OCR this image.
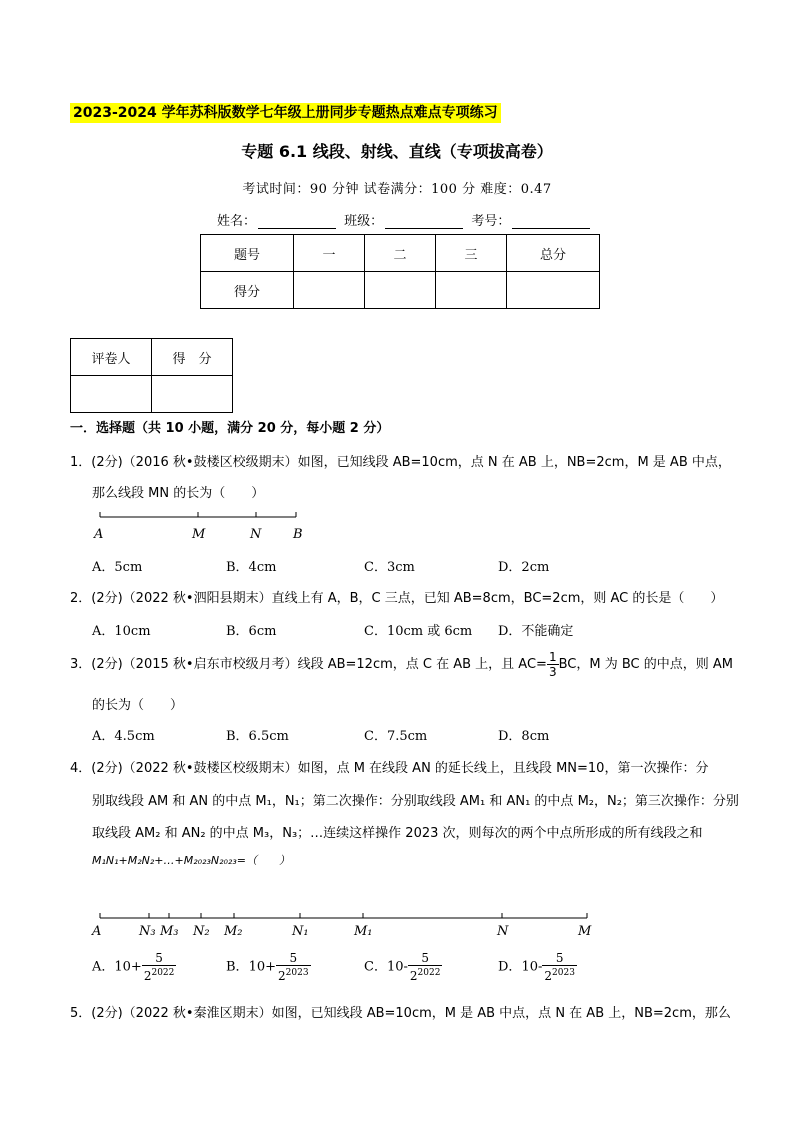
2023-2024 学年苏科版数学七年级上册同步专题热点难点专项练习
专题 6.1 线段、射线、直线（专项拔高卷）
考试时间：90 分钟 试卷满分：100 分 难度：0.47
姓名：	班级：	考号：
题号	一	二	三	总分
得分				
评卷人	得　分

一．选择题（共 10 小题，满分 20 分，每小题 2 分）
1．(2分)（2016 秋•鼓楼区校级期末）如图，已知线段 AB=10cm，点 N 在 AB 上，NB=2cm，M 是 AB 中点，
那么线段 MN 的长为（　　）
A	M	N B
A．5cm	B．4cm	C．3cm	D．2cm
2．(2分)（2022 秋•泗阳县期末）直线上有 A，B，C 三点，已知 AB=8cm，BC=2cm，则 AC 的长是（　　）
A．10cm	B．6cm	C．10cm 或 6cm D．不能确定
3．(2分)（2015 秋•启东市校级月考）线段 AB=12cm，点 C 在 AB 上，且 $AC= \frac{1}{3}$ BC，M 为 BC 的中点，则 AM
的长为（　　）
A．4.5cm	B．6.5cm	C．7.5cm	D．8cm
4．(2分)（2022 秋•鼓楼区校级期末）如图，点 M 在线段 AN 的延长线上，且线段 MN=10，第一次操作：分
别取线段 AM 和 AN 的中点 M₁，N₁；第二次操作：分别取线段 AM₁ 和 AN₁ 的中点 M₂，N₂；第三次操作：分别
取线段 AM₂ 和 AN₂ 的中点 M₃，N₃；…连续这样操作 2023 次，则每次的两个中点所形成的所有线段之和
M₁N₁+M₂N₂+…+M₂₀₂₃N₂₀₂₃=（　　）
A	N₃ M₃ N₂ M₂	N₁	M₁	N	M
A．$10+ \frac{5}{2^{2022}}$	B．$10+ \frac{5}{2^{2023}}$	C．$10- \frac{5}{2^{2022}}$	D．$10- \frac{5}{2^{2023}}$
5．(2分)（2022 秋•秦淮区期末）如图，已知线段 AB=10cm，M 是 AB 中点，点 N 在 AB 上，NB=2cm，那么
